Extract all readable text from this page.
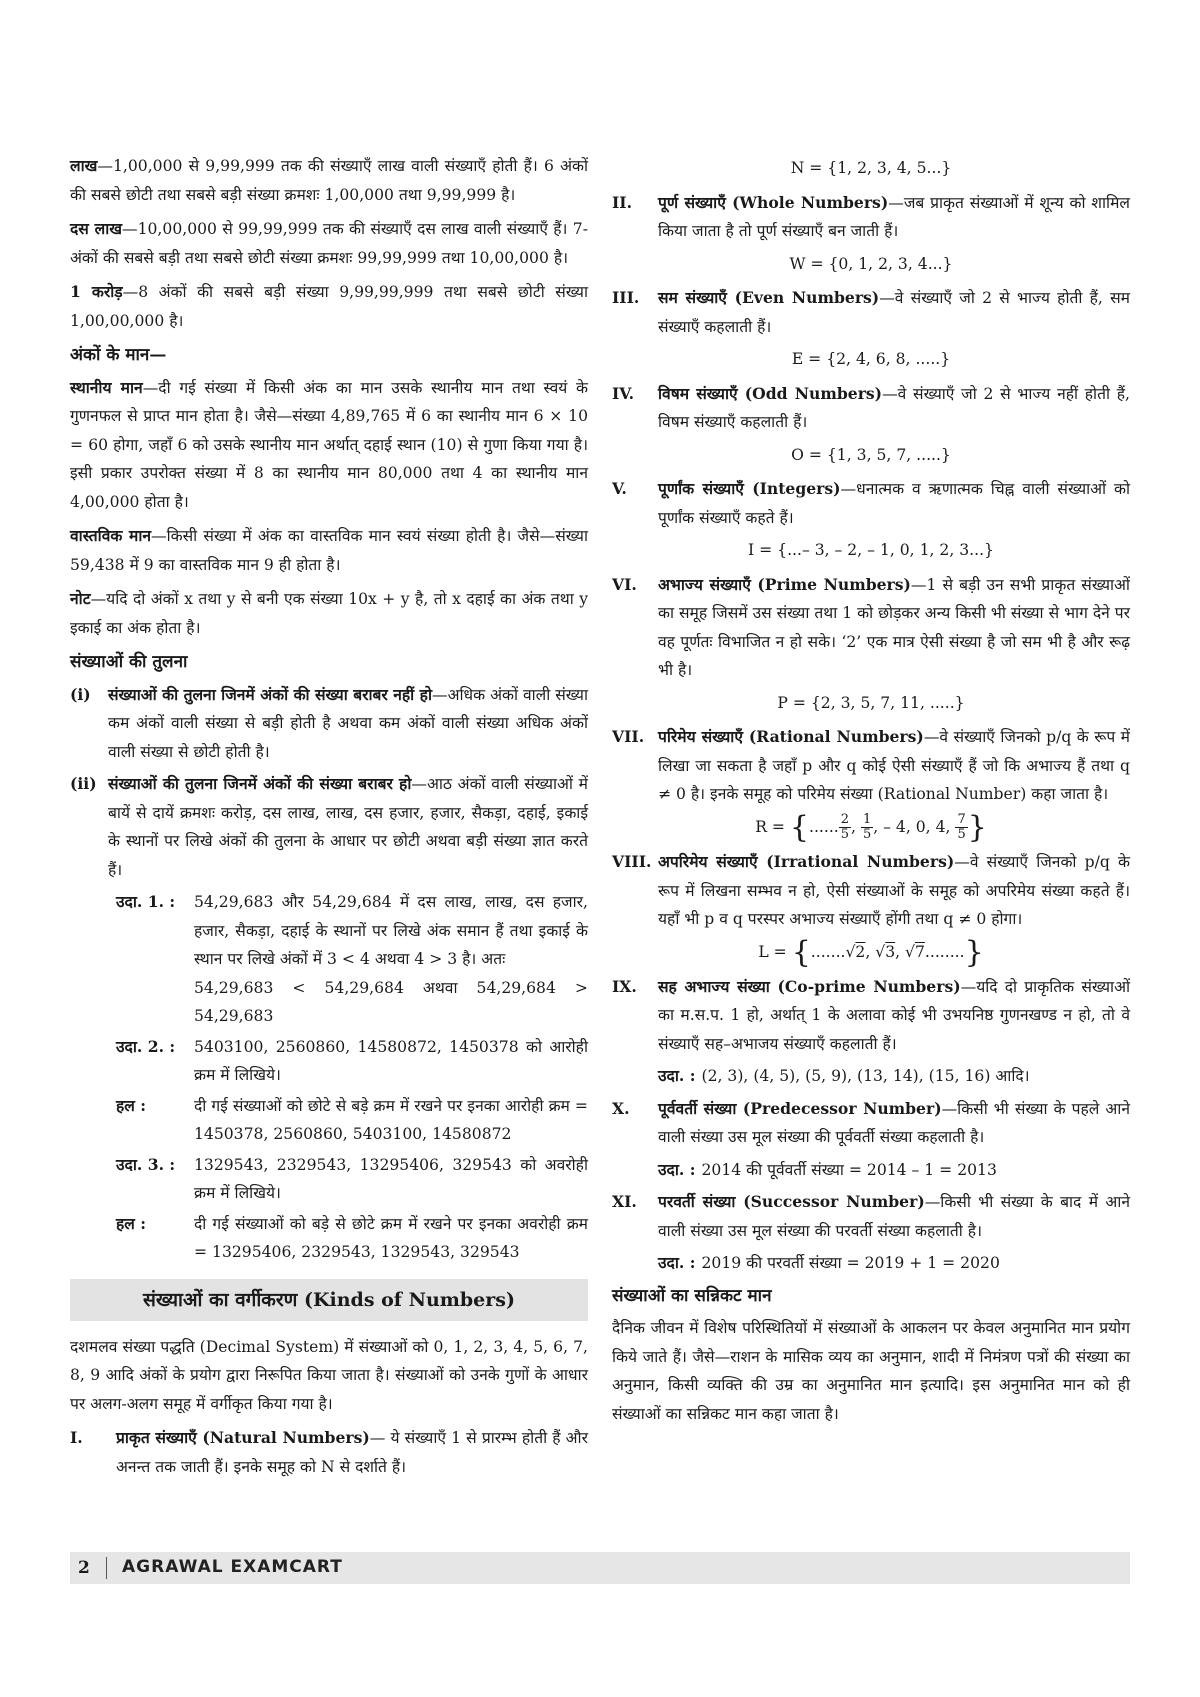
लाख—1,00,000 से 9,99,999 तक की संख्याएँ लाख वाली संख्याएँ होती हैं। 6 अंकों की सबसे छोटी तथा सबसे बड़ी संख्या क्रमशः 1,00,000 तथा 9,99,999 है।

दस लाख—10,00,000 से 99,99,999 तक की संख्याएँ दस लाख वाली संख्याएँ हैं। 7-अंकों की सबसे बड़ी तथा सबसे छोटी संख्या क्रमशः 99,99,999 तथा 10,00,000 है।

1 करोड़—8 अंकों की सबसे बड़ी संख्या 9,99,99,999 तथा सबसे छोटी संख्या 1,00,00,000 है।

अंकों के मान—

स्थानीय मान—दी गई संख्या में किसी अंक का मान उसके स्थानीय मान तथा स्वयं के गुणनफल से प्राप्त मान होता है। जैसे—संख्या 4,89,765 में 6 का स्थानीय मान 6 × 10 = 60 होगा, जहाँ 6 को उसके स्थानीय मान अर्थात् दहाई स्थान (10) से गुणा किया गया है। इसी प्रकार उपरोक्त संख्या में 8 का स्थानीय मान 80,000 तथा 4 का स्थानीय मान 4,00,000 होता है।

वास्तविक मान—किसी संख्या में अंक का वास्तविक मान स्वयं संख्या होती है। जैसे—संख्या 59,438 में 9 का वास्तविक मान 9 ही होता है।

नोट—यदि दो अंकों x तथा y से बनी एक संख्या 10x + y है, तो x दहाई का अंक तथा y इकाई का अंक होता है।

संख्याओं की तुलना
(i) संख्याओं की तुलना जिनमें अंकों की संख्या बराबर नहीं हो—अधिक अंकों वाली संख्या कम अंकों वाली संख्या से बड़ी होती है अथवा कम अंकों वाली संख्या अधिक अंकों वाली संख्या से छोटी होती है।
(ii) संख्याओं की तुलना जिनमें अंकों की संख्या बराबर हो—आठ अंकों वाली संख्याओं में बायें से दायें क्रमशः करोड़, दस लाख, लाख, दस हजार, हजार, सैकड़ा, दहाई, इकाई के स्थानों पर लिखे अंकों की तुलना के आधार पर छोटी अथवा बड़ी संख्या ज्ञात करते हैं।
उदा. 1. :	54,29,683 और 54,29,684 में दस लाख, लाख, दस हजार, हजार, सैकड़ा, दहाई के स्थानों पर लिखे अंक समान हैं तथा इकाई के स्थान पर लिखे अंकों में 3 < 4 अथवा 4 > 3 है। अतः
54,29,683 < 54,29,684 अथवा 54,29,684 > 54,29,683
उदा. 2. :	5403100, 2560860, 14580872, 1450378 को आरोही क्रम में लिखिये।
हल :	दी गई संख्याओं को छोटे से बड़े क्रम में रखने पर इनका आरोही क्रम = 1450378, 2560860, 5403100, 14580872
उदा. 3. :	1329543, 2329543, 13295406, 329543 को अवरोही क्रम में लिखिये।
हल :	दी गई संख्याओं को बड़े से छोटे क्रम में रखने पर इनका अवरोही क्रम = 13295406, 2329543, 1329543, 329543
संख्याओं का वर्गीकरण (Kinds of Numbers)

दशमलव संख्या पद्धति (Decimal System) में संख्याओं को 0, 1, 2, 3, 4, 5, 6, 7, 8, 9 आदि अंकों के प्रयोग द्वारा निरूपित किया जाता है। संख्याओं को उनके गुणों के आधार पर अलग-अलग समूह में वर्गीकृत किया गया है।

I. प्राकृत संख्याएँ (Natural Numbers)— ये संख्याएँ 1 से प्रारम्भ होती हैं और अनन्त तक जाती हैं। इनके समूह को N से दर्शाते हैं।
N = {1, 2, 3, 4, 5...}
II. पूर्ण संख्याएँ (Whole Numbers)—जब प्राकृत संख्याओं में शून्य को शामिल किया जाता है तो पूर्ण संख्याएँ बन जाती हैं।
W = {0, 1, 2, 3, 4...}
III. सम संख्याएँ (Even Numbers)—वे संख्याएँ जो 2 से भाज्य होती हैं, सम संख्याएँ कहलाती हैं।
E = {2, 4, 6, 8, .....}
IV. विषम संख्याएँ (Odd Numbers)—वे संख्याएँ जो 2 से भाज्य नहीं होती हैं, विषम संख्याएँ कहलाती हैं।
O = {1, 3, 5, 7, .....}
V. पूर्णांक संख्याएँ (Integers)—धनात्मक व ऋणात्मक चिह्न वाली संख्याओं को पूर्णांक संख्याएँ कहते हैं।
I = {...– 3, – 2, – 1, 0, 1, 2, 3...}
VI. अभाज्य संख्याएँ (Prime Numbers)—1 से बड़ी उन सभी प्राकृत संख्याओं का समूह जिसमें उस संख्या तथा 1 को छोड़कर अन्य किसी भी संख्या से भाग देने पर वह पूर्णतः विभाजित न हो सके। ‘2’ एक मात्र ऐसी संख्या है जो सम भी है और रूढ़ भी है।
P = {2, 3, 5, 7, 11, .....}
VII. परिमेय संख्याएँ (Rational Numbers)—वे संख्याएँ जिनको p/q के रूप में लिखा जा सकता है जहाँ p और q कोई ऐसी संख्याएँ हैं जो कि अभाज्य हैं तथा q ≠ 0 है। इनके समूह को परिमेय संख्या (Rational Number) कहा जाता है।
R = {...... $\frac{2}{5}$ , $\frac{1}{5}$ , – 4, 0, 4, $\frac{7}{5}$ }
VIII. अपरिमेय संख्याएँ (Irrational Numbers)—वे संख्याएँ जिनको p/q के रूप में लिखना सम्भव न हो, ऐसी संख्याओं के समूह को अपरिमेय संख्या कहते हैं। यहाँ भी p व q परस्पर अभाज्य संख्याएँ होंगी तथा q ≠ 0 होगा।
L = {.......√2, √3, √7........}
IX. सह अभाज्य संख्या (Co-prime Numbers)—यदि दो प्राकृतिक संख्याओं का म.स.प. 1 हो, अर्थात् 1 के अलावा कोई भी उभयनिष्ठ गुणनखण्ड न हो, तो वे संख्याएँ सह–अभाजय संख्याएँ कहलाती हैं।
उदा. : (2, 3), (4, 5), (5, 9), (13, 14), (15, 16) आदि।
X. पूर्ववर्ती संख्या (Predecessor Number)—किसी भी संख्या के पहले आने वाली संख्या उस मूल संख्या की पूर्ववर्ती संख्या कहलाती है।
उदा. : 2014 की पूर्ववर्ती संख्या = 2014 – 1 = 2013
XI. परवर्ती संख्या (Successor Number)—किसी भी संख्या के बाद में आने वाली संख्या उस मूल संख्या की परवर्ती संख्या कहलाती है।
उदा. : 2019 की परवर्ती संख्या = 2019 + 1 = 2020
संख्याओं का सन्निकट मान

दैनिक जीवन में विशेष परिस्थितियों में संख्याओं के आकलन पर केवल अनुमानित मान प्रयोग किये जाते हैं। जैसे—राशन के मासिक व्यय का अनुमान, शादी में निमंत्रण पत्रों की संख्या का अनुमान, किसी व्यक्ति की उम्र का अनुमानित मान इत्यादि। इस अनुमानित मान को ही संख्याओं का सन्निकट मान कहा जाता है।

2 AGRAWAL EXAMCART
